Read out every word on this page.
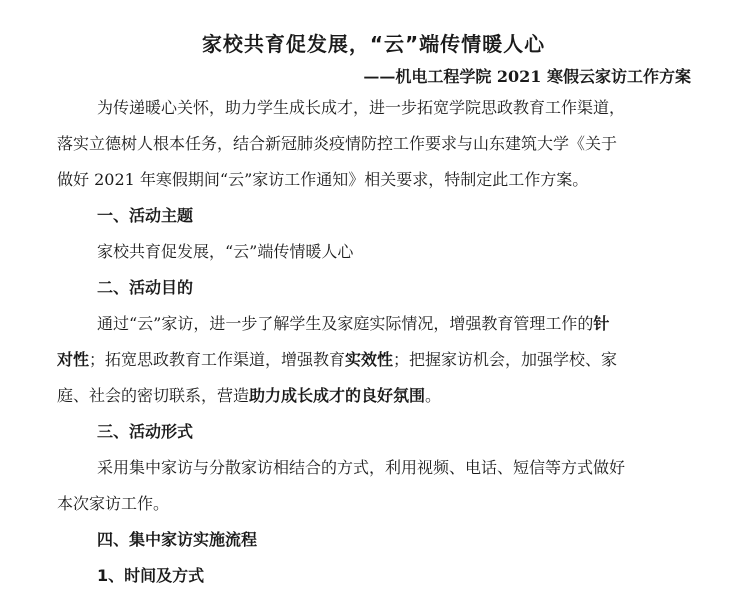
家校共育促发展，“云”端传情暖人心
——机电工程学院 2021 寒假云家访工作方案
为传递暖心关怀，助力学生成长成才，进一步拓宽学院思政教育工作渠道，
落实立德树人根本任务，结合新冠肺炎疫情防控工作要求与山东建筑大学《关于
做好 2021 年寒假期间“云”家访工作通知》相关要求，特制定此工作方案。
一、活动主题
家校共育促发展，“云”端传情暖人心
二、活动目的
通过“云”家访，进一步了解学生及家庭实际情况，增强教育管理工作的针
对性；拓宽思政教育工作渠道，增强教育实效性；把握家访机会，加强学校、家
庭、社会的密切联系，营造助力成长成才的良好氛围。
三、活动形式
采用集中家访与分散家访相结合的方式，利用视频、电话、短信等方式做好
本次家访工作。
四、集中家访实施流程
1、时间及方式
